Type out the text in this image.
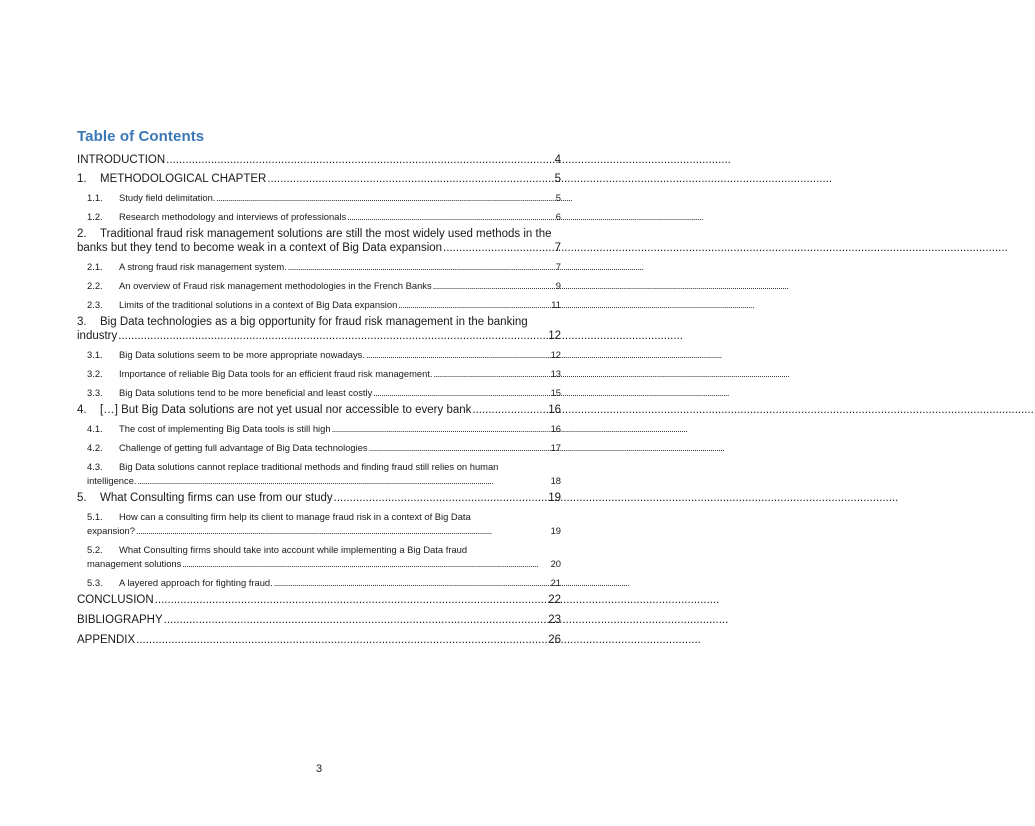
Table of Contents
INTRODUCTION . . .	4
1.	METHODOLOGICAL CHAPTER . . .	5
1.1.	Study field delimitation. . . .	5
1.2.	Research methodology and interviews of professionals . . .	6
2. Traditional fraud risk management solutions are still the most widely used methods in the
banks but they tend to become weak in a context of Big Data expansion . . .	7
2.1.	A strong fraud risk management system. . . .	7
2.2.	An overview of Fraud risk management methodologies in the French Banks . . .	9
2.3.	Limits of the traditional solutions in a context of Big Data expansion . . .	11
3. Big Data technologies as a big opportunity for fraud risk management in the banking
industry . . .	12
3.1.	Big Data solutions seem to be more appropriate nowadays. . . .	12
3.2.	Importance of reliable Big Data tools for an efficient fraud risk management. . . .	13
3.3.	Big Data solutions tend to be more beneficial and least costly . . .	15
4.	[…] But Big Data solutions are not yet usual nor accessible to every bank . . .	16
4.1.	The cost of implementing Big Data tools is still high . . .	16
4.2.	Challenge of getting full advantage of Big Data technologies . . .	17
4.3. Big Data solutions cannot replace traditional methods and finding fraud still relies on human
intelligence. . . .	18
5.	What Consulting firms can use from our study . . .	19
5.1. How can a consulting firm help its client to manage fraud risk in a context of Big Data
expansion? . . .	19
5.2. What Consulting firms should take into account while implementing a Big Data fraud
management solutions . . .	20
5.3.	A layered approach for fighting fraud. . . .	21
CONCLUSION . . .	22
BIBLIOGRAPHY . . .	23
APPENDIX . . .	26
3
